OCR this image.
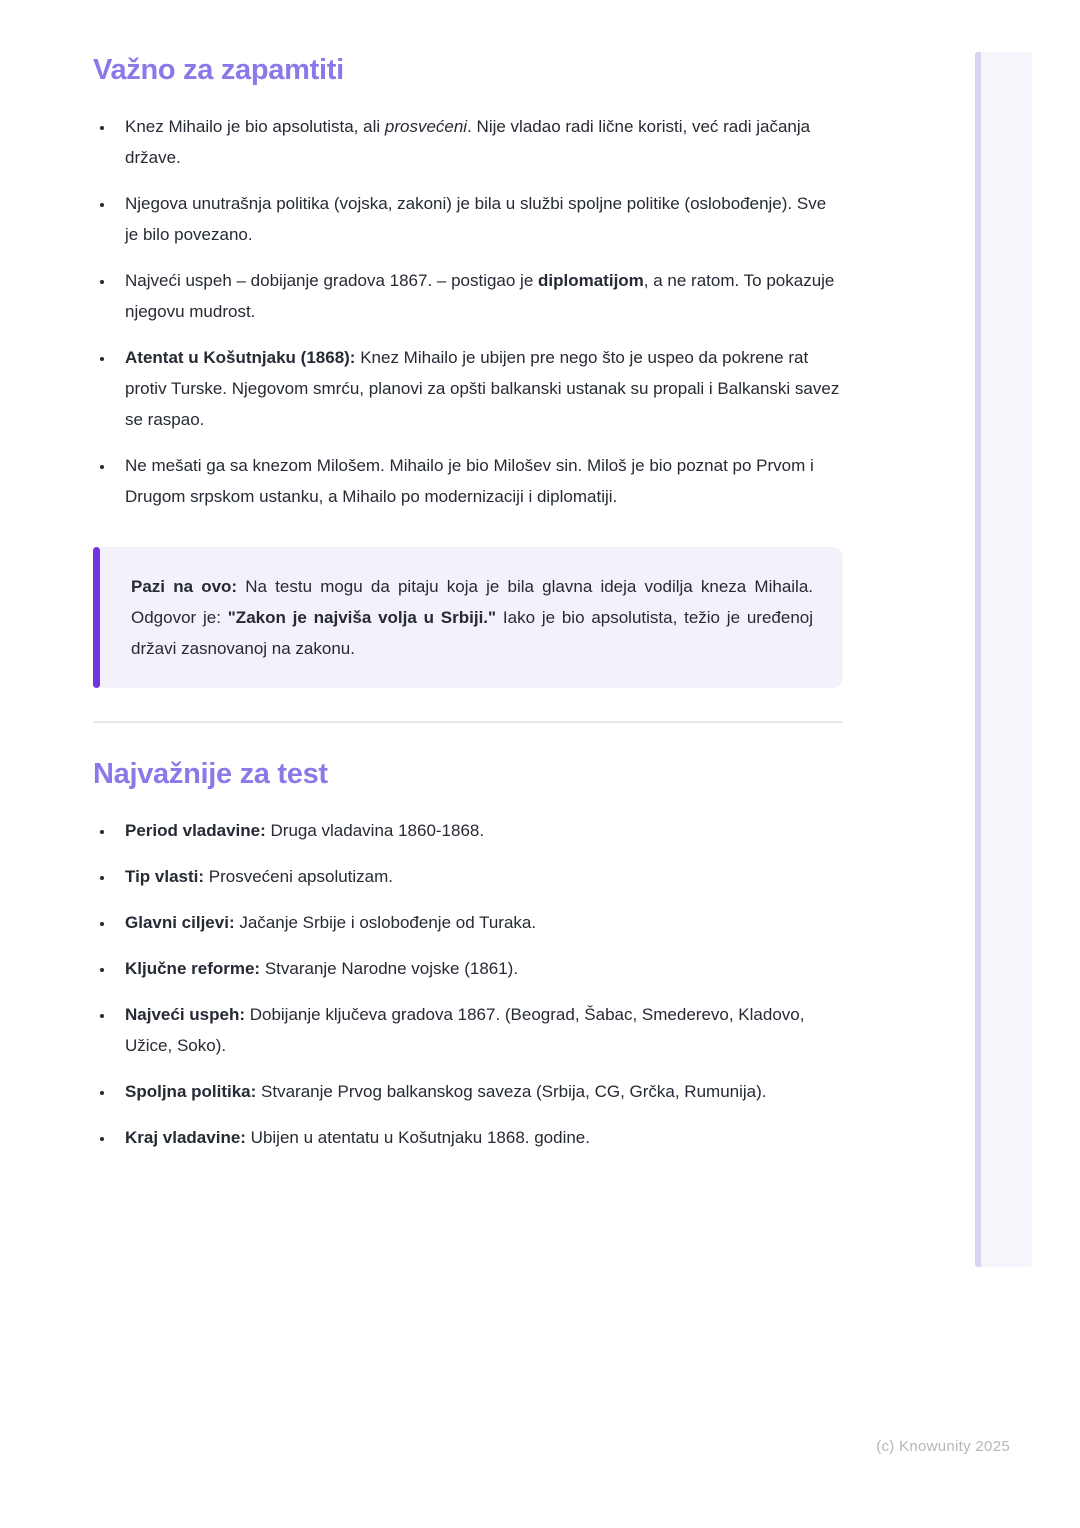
Važno za zapamtiti
• Knez Mihailo je bio apsolutista, ali prosvećeni. Nije vladao radi lične koristi, već radi jačanja države.
• Njegova unutrašnja politika (vojska, zakoni) je bila u službi spoljne politike (oslobođenje). Sve je bilo povezano.
• Najveći uspeh – dobijanje gradova 1867. – postigao je diplomatijom, a ne ratom. To pokazuje njegovu mudrost.
• Atentat u Košutnjaku (1868): Knez Mihailo je ubijen pre nego što je uspeo da pokrene rat protiv Turske. Njegovom smrću, planovi za opšti balkanski ustanak su propali i Balkanski savez se raspao.
• Ne mešati ga sa knezom Milošem. Mihailo je bio Milošev sin. Miloš je bio poznat po Prvom i Drugom srpskom ustanku, a Mihailo po modernizaciji i diplomatiji.
Pazi na ovo: Na testu mogu da pitaju koja je bila glavna ideja vodilja kneza Mihaila. Odgovor je: "Zakon je najviša volja u Srbiji." Iako je bio apsolutista, težio je uređenoj državi zasnovanoj na zakonu.
Najvažnije za test
• Period vladavine: Druga vladavina 1860-1868.
• Tip vlasti: Prosvećeni apsolutizam.
• Glavni ciljevi: Jačanje Srbije i oslobođenje od Turaka.
• Ključne reforme: Stvaranje Narodne vojske (1861).
• Najveći uspeh: Dobijanje ključeva gradova 1867. (Beograd, Šabac, Smederevo, Kladovo, Užice, Soko).
• Spoljna politika: Stvaranje Prvog balkanskog saveza (Srbija, CG, Grčka, Rumunija).
• Kraj vladavine: Ubijen u atentatu u Košutnjaku 1868. godine.
(c) Knowunity 2025
